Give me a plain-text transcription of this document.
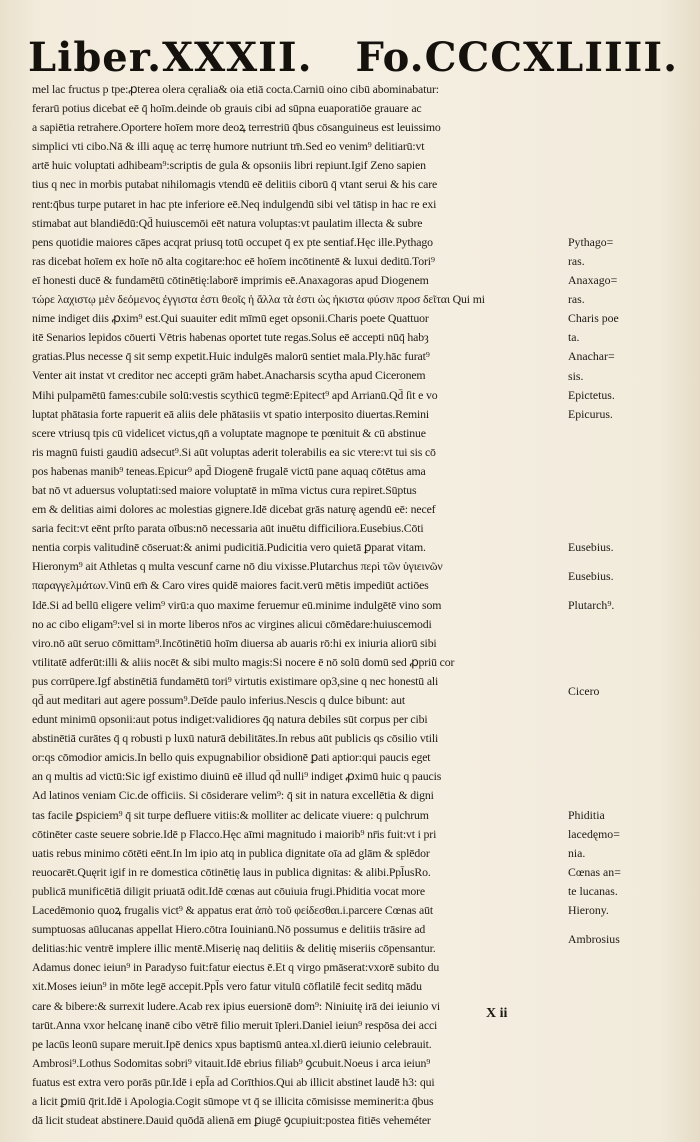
Liber.XXXII. Fo.CCCXLIIII.
mel lac fructus p tpe:ꝓterea olera cęralia& oia etiā cocta.Carniū oino cibū abominabatur:
ferarū potius dicebat eē q̄ hoīm.deinde ob grauis cibi ad sūpna euaporatiōe grauare ac
a sapiētia retrahere.Oportere hoīem more deoꝝ terrestriū q̄bus cōsanguineus est leuissimo
simplici vti cibo.Nā & illi aquę ac terrę humore nutriunt tm̄.Sed eo venim⁹ delitiarū:vt
artē huic voluptati adhibeam⁹:scriptis de gula & opsoniis libri repiunt.Igif Zeno sapien
tius q nec in morbis putabat nihilomagis vtendū eē delitiis ciborū q̄ vtant serui & his care
rent:q̄bus turpe putaret in hac pte inferiore eē.Neq indulgendū sibi vel tātisp in hac re exi
stimabat aut blandiēdū:Qd̄ huiuscemōi eēt natura voluptas:vt paulatim illecta & subre
pens quotidie maiores cāpes acqrat priusq totū occupet q̄ ex pte sentiaf.Hęc ille.Pythago
ras dicebat hoīem ex hoīe nō alta cogitare:hoc eē hoīem incōtinentē & luxui deditū.Tori⁹
eī honesti ducē & fundamētū cōtinētię:laborē imprimis eē.Anaxagoras apud Diogenem
τώρε λαχιστῳ μὲν δεόμενος ἐγγιστα ἐστι θεοῖς ἡ ἄλλα τὰ ἐστι ὡς ἠκιστα φύσιν προσ δεῖται Qui mi
nime indiget diis ꝓxim⁹ est.Qui suauiter edit mīmū eget opsonii.Charis poete Quattuor
itē Senarios lepidos cōuerti Vētris habenas oportet tute regas.Solus eē accepti nūq̄ habȝ
gratias.Plus necesse q̄ sit semp expetit.Huic indulgēs malorū sentiet mala.Ply.hāc furat⁹
Venter ait instat vt creditor nec accepti grām habet.Anacharsis scytha apud Ciceronem
Mihi pulpamētū fames:cubile solū:vestis scythicū tegmē:Epitect⁹ apd Arrianū.Qd̄ ſit e vo
luptat phātasia forte rapuerit eā aliis dele phātasiis vt spatio interposito diuertas.Remini
scere vtriusq tpis cū videlicet victus,qn̄ a voluptate magnope te pœnituit & cū abstinue
ris magnū fuisti gaudiū adsecut⁹.Si aūt voluptas aderit tolerabilis ea sic vtere:vt tui sis cō
pos habenas manib⁹ teneas.Epicur⁹ apd̄ Diogenē frugalē victū pane aquaq cōtētus ama
bat nō vt aduersus voluptati:sed maiore voluptatē in mīma victus cura repiret.Sūptus
em & delitias aimi dolores ac molestias gignere.Idē dicebat grās naturę agendū eē: necef
saria fecit:vt eēnt prſto parata oībus:nō necessaria aūt inuētu difficiliora.Eusebius.Cōti
nentia corpis valitudinē cōseruat:& animi pudicitiā.Pudicitia vero quietā ꝑparat vitam.
Hieronym⁹ ait Athletas q multa vescunf carne nō diu vixisse.Plutarchus περὶ τῶν ὑγιεινῶν
παραγγελμάτων.Vinū em̄ & Caro vires quidē maiores facit.verū mētis impediūt actiōes
Idē.Si ad bellū eligere velim⁹ virū:a quo maxime feruemur eū.minime indulgētē vino som
no ac cibo eligam⁹:vel si in morte liberos nr̄os ac virgines alicui cōmēdare:huiuscemodi
viro.nō aūt seruo cōmittam⁹.Incōtinētiū hoīm diuersa ab auaris rō:hi ex iniuria aliorū sibi
vtilitatē adferūt:illi & aliis nocēt & sibi multo magis:Si nocere ē nō solū domū sed ꝓpriū cor
pus corrūpere.Igf abstinētiā fundamētū tori⁹ virtutis existimare op3,sine q nec honestū ali
qd̄ aut meditari aut agere possum⁹.Deīde paulo inferius.Nescis q dulce bibunt: aut
edunt minimū opsonii:aut potus indiget:validiores q̄q natura debiles sūt corpus per cibi
abstinētiā curātes q̄ q robusti p luxū naturā debilitātes.In rebus aūt publicis qs cōsilio vtili
or:qs cōmodior amicis.In bello quis expugnabilior obsidionē ꝑati aptior:qui paucis eget
an q multis ad victū:Sic igf existimo diuinū eē illud qd̄ nulli⁹ indiget ꝓximū huic q paucis
Ad latinos veniam Cic.de officiis. Si cōsiderare velim⁹: q̄ sit in natura excellētia & digni
tas facile ꝑspiciem⁹ q̄ sit turpe defluere vitiis:& molliter ac delicate viuere: q pulchrum
cōtinēter caste seuere sobrie.Idē p Flacco.Hęc aīmi magnitudo i maiorib⁹ nr̄is fuit:vt i pri
uatis rebus minimo cōtēti eēnt.In lm ipio atq in publica dignitate oīa ad glām & splēdor
reuocarēt.Quęrit igif in re domestica cōtinētię laus in publica dignitas: & alibi.Ppl̄usRo.
publicā munificētiā diligit priuatā odit.Idē cœnas aut cōuiuia frugi.Phiditia vocat more
Lacedēmonio quoꝝ frugalis vict⁹ & appatus erat ἀπὸ τοῦ φείδεσθαι.i.parcere Cœnas aūt
sumptuosas aūlucanas appellat Hiero.cōtra Iouinianū.Nō possumus e delitiis trāsire ad
delitias:hic ventrē implere illic mentē.Miserię naq delitiis & delitię miseriis cōpensantur.
Adamus donec ieiun⁹ in Paradyso fuit:fatur eiectus ē.Et q virgo pmāserat:vxorē subito du
xit.Moses ieiun⁹ in mōte legē accepit.Ppl̄s vero fatur vitulū cōflatilē fecit seditq mādu
care & bibere:& surrexit ludere.Acab rex ipius euersionē dom⁹: Niniuitę irā dei ieiunio vi
tarūt.Anna vxor helcanę inanē cibo vētrē filio meruit īpleri.Daniel ieiun⁹ respōsa dei acci
pe lacūs leonū supare meruit.Ipē denics xpus baptismū antea.xl.dierū ieiunio celebrauit.
Ambrosi⁹.Lothus Sodomitas sobri⁹ vitauit.Idē ebrius filiab⁹ ꝯcubuit.Noeus i arca ieiun⁹
fuatus est extra vero porās pūr.Idē i epl̄a ad Corīthios.Qui ab illicit abstinet laudē h3: qui
a licit ꝑmiū q̄rit.Idē i Apologia.Cogit sūmope vt q̄ se illicita cōmisisse meminerit:a q̄bus
dā licit studeat abstinere.Dauid quōdā alienā em ꝑiugē ꝯcupiuit:postea fitiēs veheméter
Pythago=
ras.
Anaxago=
ras.
Charis poe
ta.
Anachar=
sis.
Epictetus.
Epicurus.
Eusebius.
Eusebius.
Plutarch⁹.
Cicero
Phiditia
lacedęmo=
nia.
Cœnas an=
te lucanas.
Hierony.
Ambrosius
X ii
